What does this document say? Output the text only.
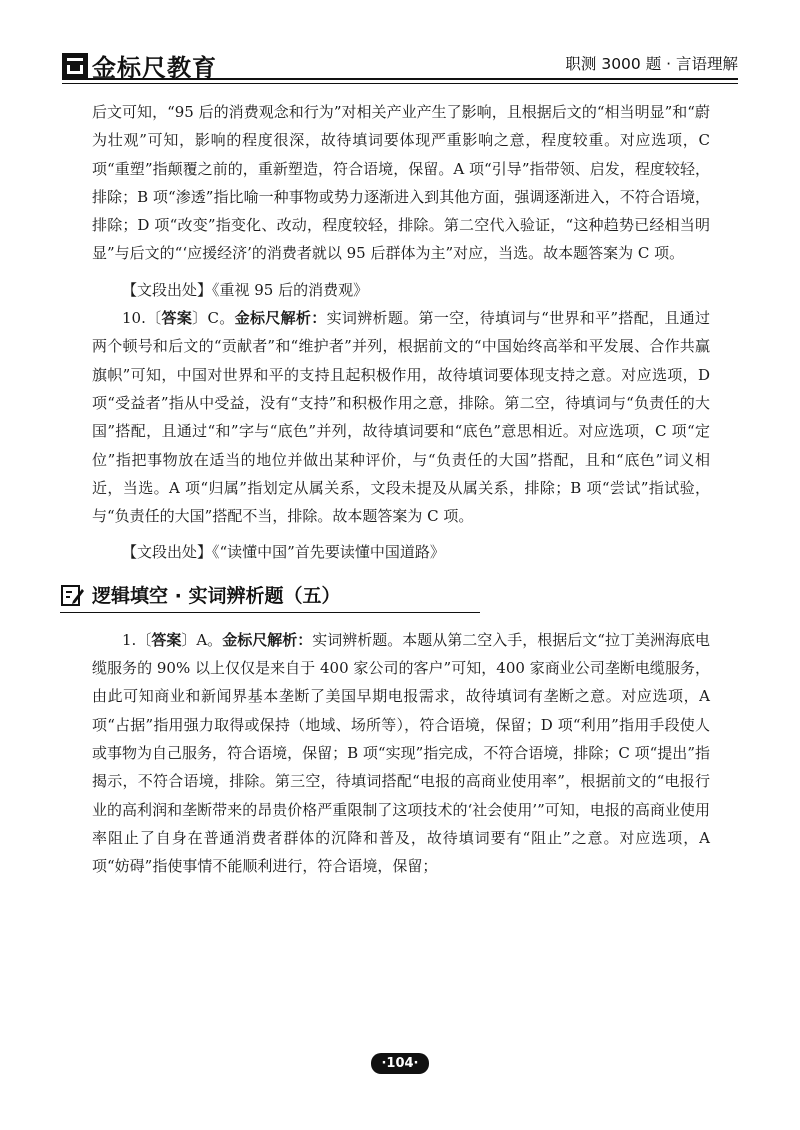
金标尺教育	职测 3000 题 · 言语理解

后文可知，“95 后的消费观念和行为”对相关产业产生了影响，且根据后文的“相当明显”和“蔚为壮观”可知，影响的程度很深，故待填词要体现严重影响之意，程度较重。对应选项，C 项“重塑”指颠覆之前的，重新塑造，符合语境，保留。A 项“引导”指带领、启发，程度较轻，排除；B 项“渗透”指比喻一种事物或势力逐渐进入到其他方面，强调逐渐进入，不符合语境，排除；D 项“改变”指变化、改动，程度较轻，排除。第二空代入验证，“这种趋势已经相当明显”与后文的“‘应援经济’的消费者就以 95 后群体为主”对应，当选。故本题答案为 C 项。

【文段出处】《重视 95 后的消费观》

10.〔答案〕C。金标尺解析：实词辨析题。第一空，待填词与“世界和平”搭配，且通过两个顿号和后文的“贡献者”和“维护者”并列，根据前文的“中国始终高举和平发展、合作共赢旗帜”可知，中国对世界和平的支持且起积极作用，故待填词要体现支持之意。对应选项，D 项“受益者”指从中受益，没有“支持”和积极作用之意，排除。第二空，待填词与“负责任的大国”搭配，且通过“和”字与“底色”并列，故待填词要和“底色”意思相近。对应选项，C 项“定位”指把事物放在适当的地位并做出某种评价，与“负责任的大国”搭配，且和“底色”词义相近，当选。A 项“归属”指划定从属关系，文段未提及从属关系，排除；B 项“尝试”指试验，与“负责任的大国”搭配不当，排除。故本题答案为 C 项。

【文段出处】《“读懂中国”首先要读懂中国道路》

逻辑填空 · 实词辨析题（五）

1.〔答案〕A。金标尺解析：实词辨析题。本题从第二空入手，根据后文“拉丁美洲海底电缆服务的 90% 以上仅仅是来自于 400 家公司的客户”可知，400 家商业公司垄断电缆服务，由此可知商业和新闻界基本垄断了美国早期电报需求，故待填词有垄断之意。对应选项，A 项“占据”指用强力取得或保持（地域、场所等），符合语境，保留；D 项“利用”指用手段使人或事物为自己服务，符合语境，保留；B 项“实现”指完成，不符合语境，排除；C 项“提出”指揭示，不符合语境，排除。第三空，待填词搭配“电报的高商业使用率”，根据前文的“电报行业的高利润和垄断带来的昂贵价格严重限制了这项技术的‘社会使用’”可知，电报的高商业使用率阻止了自身在普通消费者群体的沉降和普及，故待填词要有“阻止”之意。对应选项，A 项“妨碍”指使事情不能顺利进行，符合语境，保留；

·104·
